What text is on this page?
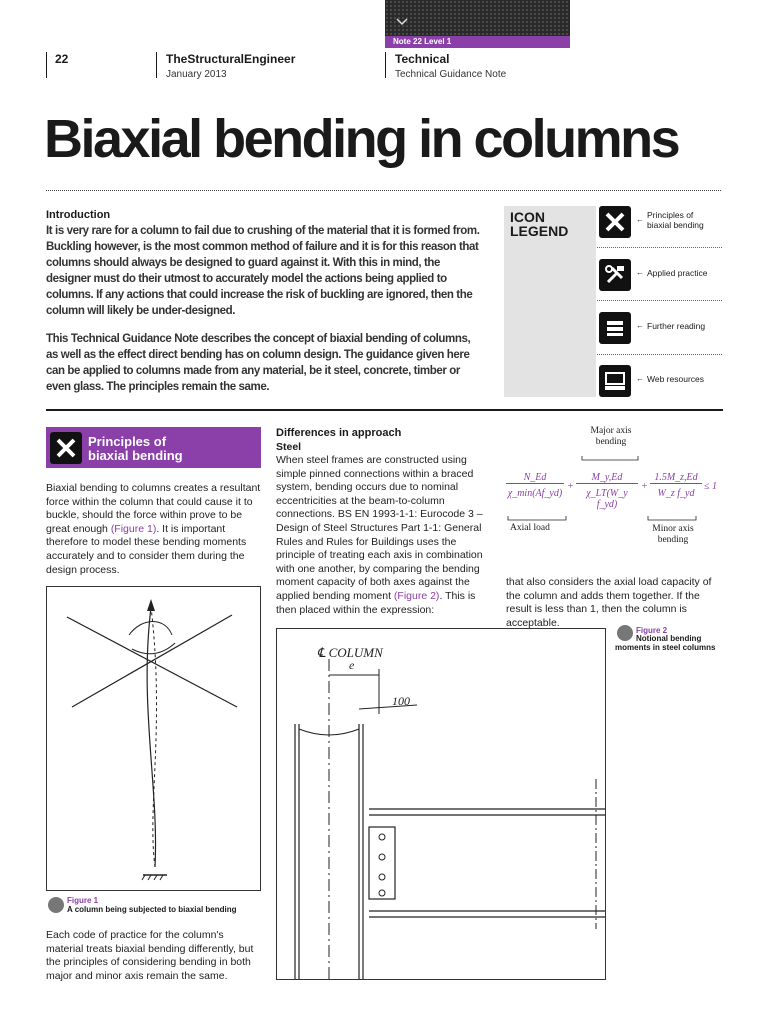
Note 22 Level 1
22	TheStructuralEngineer
January 2013
Technical
Technical Guidance Note
Biaxial bending in columns
Introduction

It is very rare for a column to fail due to crushing of the material that it is formed from. Buckling however, is the most common method of failure and it is for this reason that columns should always be designed to guard against it. With this in mind, the designer must do their utmost to accurately model the actions being applied to columns. If any actions that could increase the risk of buckling are ignored, then the column will likely be under-designed.

This Technical Guidance Note describes the concept of biaxial bending of columns, as well as the effect direct bending has on column design. The guidance given here can be applied to columns made from any material, be it steel, concrete, timber or even glass. The principles remain the same.

ICON
LEGEND
← Principles of
biaxial bending
← Applied practice
← Further reading
← Web resources
Principles of
biaxial bending

Biaxial bending to columns creates a resultant force within the column that could cause it to buckle, should the force within prove to be great enough (Figure 1). It is important therefore to model these bending moments accurately and to consider them during the design process.

Figure 1
A column being subjected to biaxial bending

Each code of practice for the column's material treats biaxial bending differently, but the principles of considering bending in both major and minor axis remain the same.

Differences in approach
Steel

When steel frames are constructed using simple pinned connections within a braced system, bending occurs due to nominal eccentricities at the beam-to-column connections. BS EN 1993-1-1: Eurocode 3 – Design of Steel Structures Part 1-1: General Rules and Rules for Buildings uses the principle of treating each axis in combination with one another, by comparing the bending moment capacity of both axes against the applied bending moment (Figure 2). This is then placed within the expression:

℄ COLUMN
e
100
Major axis
bending
N_Ed
χ_min(Af_yd)
+
M_y,Ed
χ_LT(W_y f_yd)
+
1.5M_z,Ed
W_z f_yd
≤ 1
Axial load	Minor axis
bending

that also considers the axial load capacity of the column and adds them together. If the result is less than 1, then the column is acceptable.

Figure 2
Notional bending
moments in steel columns
